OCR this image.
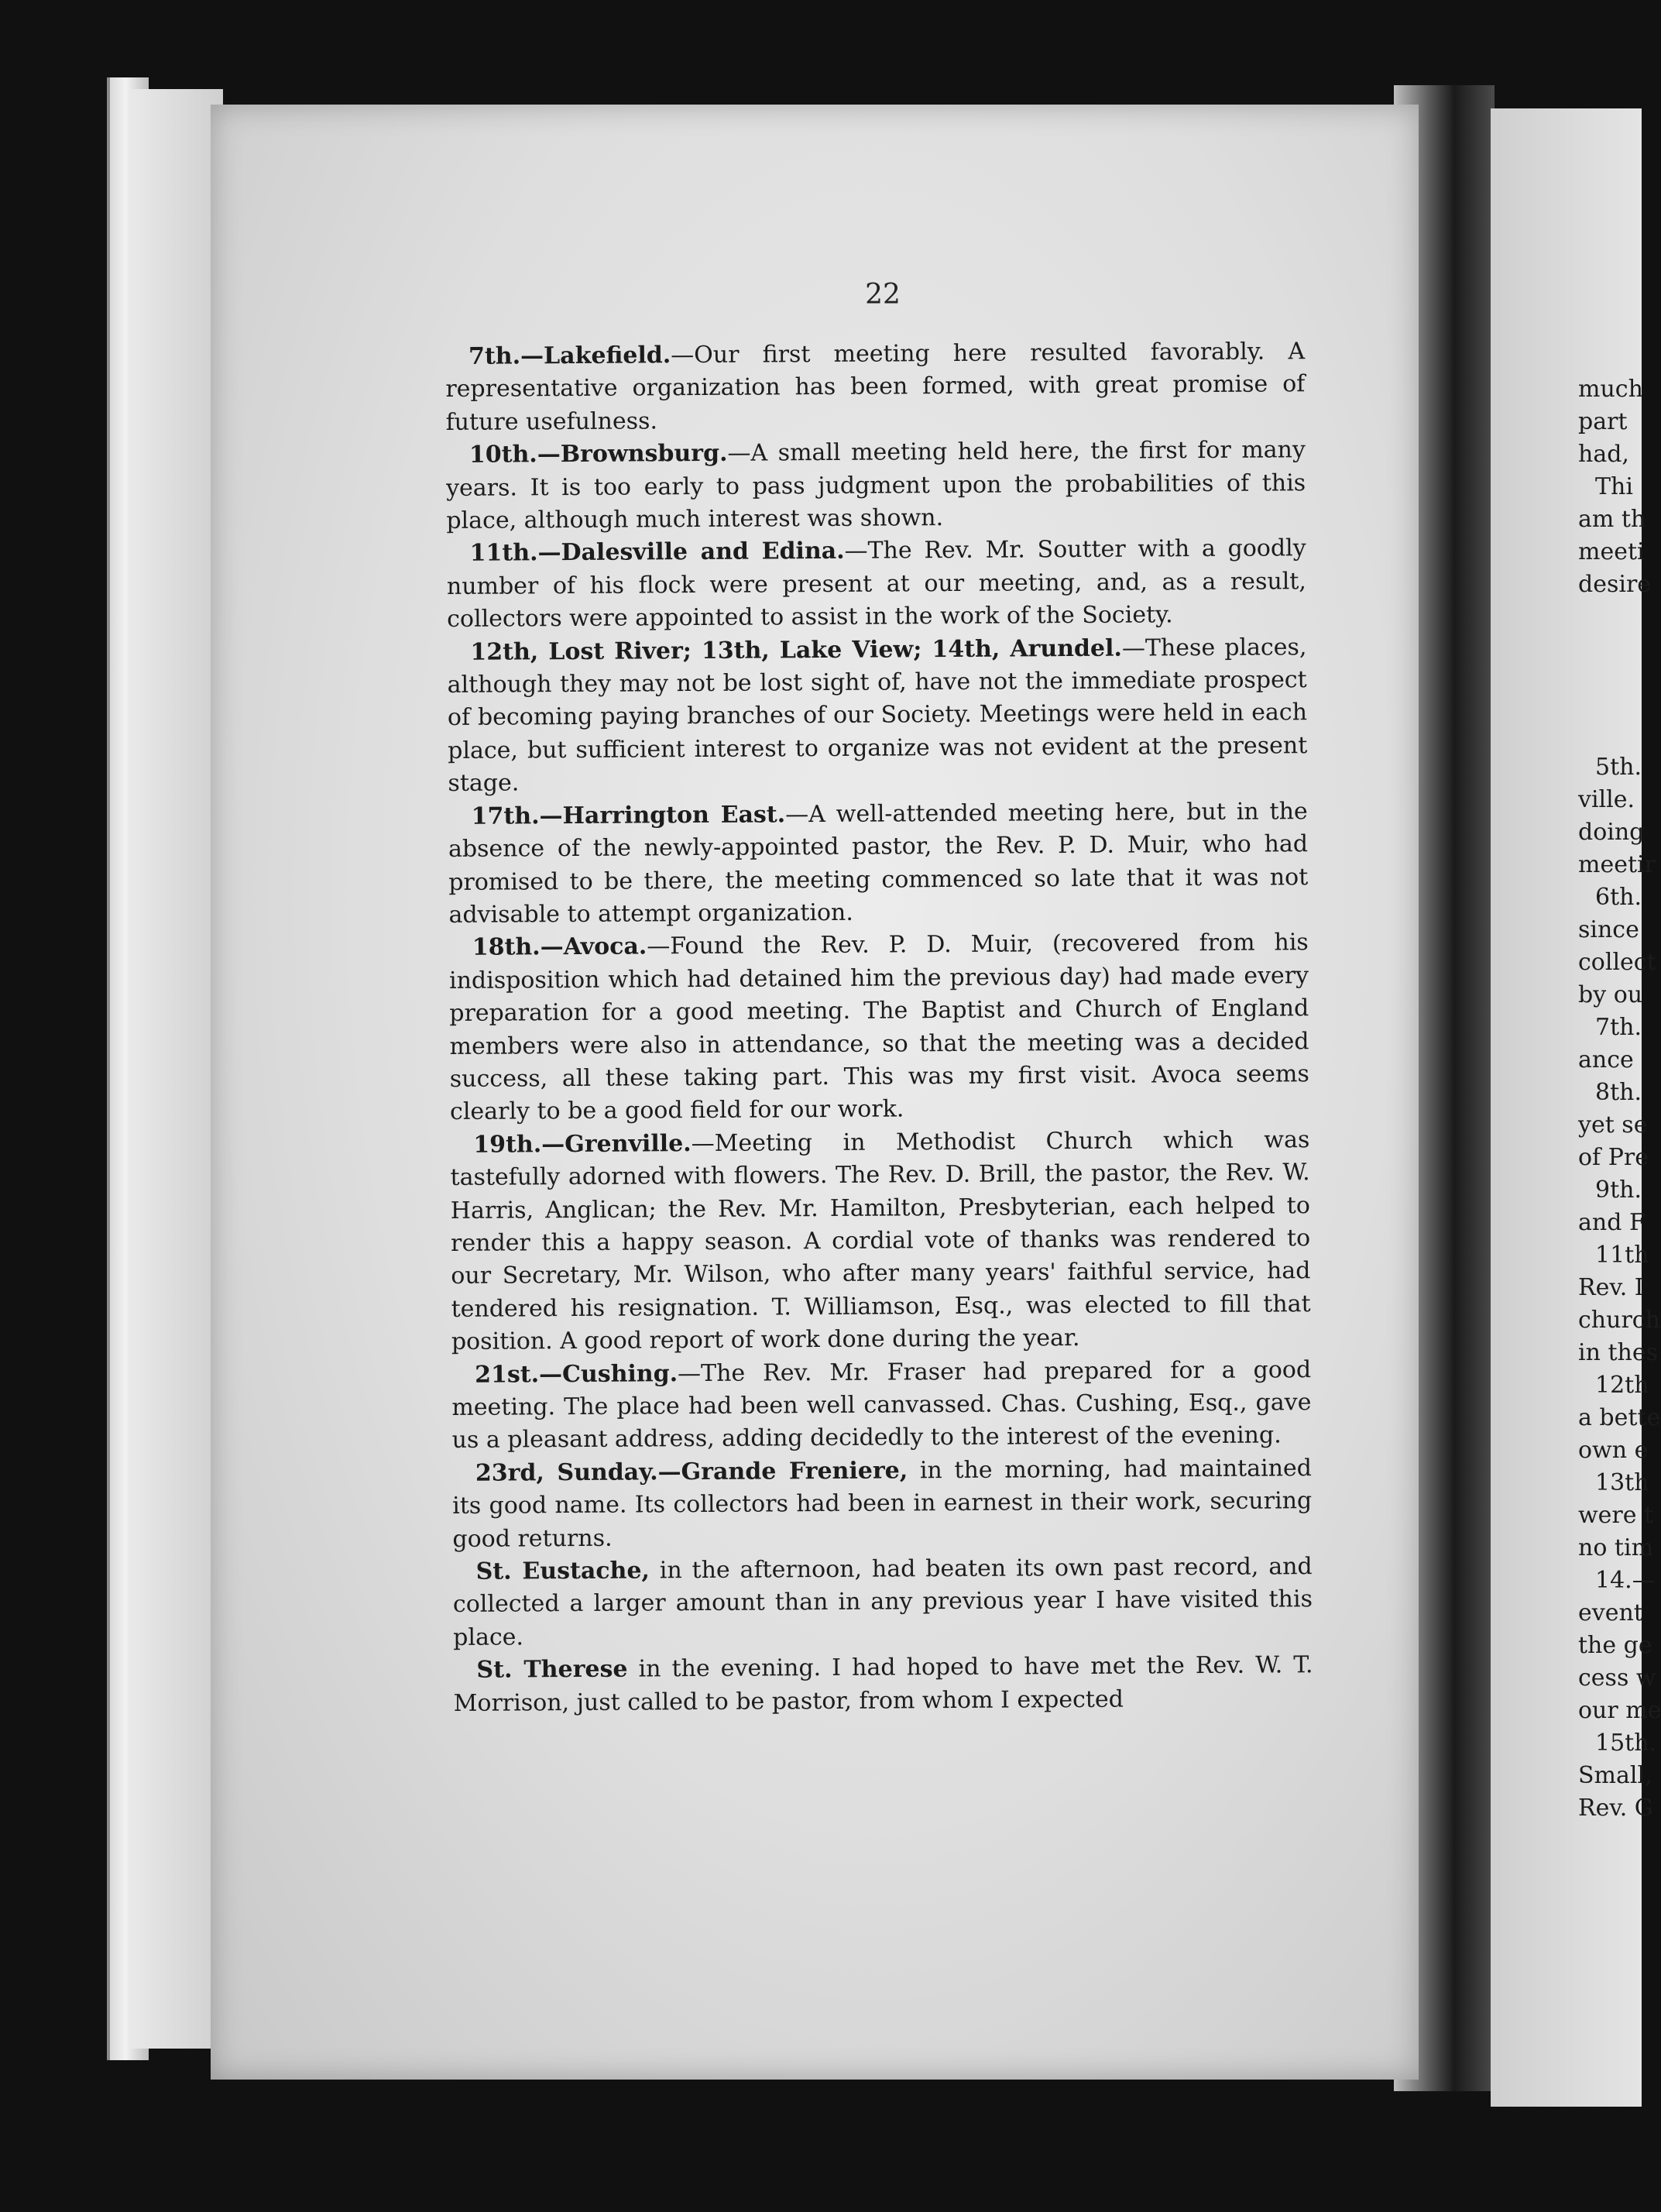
22

7th.—Lakefield.—Our first meeting here resulted favorably. A representative organization has been formed, with great promise of future usefulness.

10th.—Brownsburg.—A small meeting held here, the first for many years. It is too early to pass judgment upon the probabilities of this place, although much interest was shown.

11th.—Dalesville and Edina.—The Rev. Mr. Soutter with a goodly number of his flock were present at our meeting, and, as a result, collectors were appointed to assist in the work of the Society.

12th, Lost River; 13th, Lake View; 14th, Arundel.—These places, although they may not be lost sight of, have not the immediate prospect of becoming paying branches of our Society. Meetings were held in each place, but sufficient interest to organize was not evident at the present stage.

17th.—Harrington East.—A well-attended meeting here, but in the absence of the newly-appointed pastor, the Rev. P. D. Muir, who had promised to be there, the meeting commenced so late that it was not advisable to attempt organization.

18th.—Avoca.—Found the Rev. P. D. Muir, (recovered from his indisposition which had detained him the previous day) had made every preparation for a good meeting. The Baptist and Church of England members were also in attendance, so that the meeting was a decided success, all these taking part. This was my first visit. Avoca seems clearly to be a good field for our work.

19th.—Grenville.—Meeting in Methodist Church which was tastefully adorned with flowers. The Rev. D. Brill, the pastor, the Rev. W. Harris, Anglican; the Rev. Mr. Hamilton, Presbyterian, each helped to render this a happy season. A cordial vote of thanks was rendered to our Secretary, Mr. Wilson, who after many years' faithful service, had tendered his resignation. T. Williamson, Esq., was elected to fill that position. A good report of work done during the year.

21st.—Cushing.—The Rev. Mr. Fraser had prepared for a good meeting. The place had been well canvassed. Chas. Cushing, Esq., gave us a pleasant address, adding decidedly to the interest of the evening.

23rd, Sunday.—Grande Freniere, in the morning, had maintained its good name. Its collectors had been in earnest in their work, securing good returns.

St. Eustache, in the afternoon, had beaten its own past record, and collected a larger amount than in any previous year I have visited this place.

St. Therese in the evening. I had hoped to have met the Rev. W. T. Morrison, just called to be pastor, from whom I expected

much
part
had,
Thi
am th
meeti
desire
5th.
ville.
doing
meetir
6th.
since
collect
by ou
7th.
ance
8th.
yet se
of Pre
9th.
and F
11th
Rev. I
church
in thes
12th
a bette
own e
13th
were t
no tim
14.—
event
the ge
cess w
our me
15th.
Small,
Rev. G
